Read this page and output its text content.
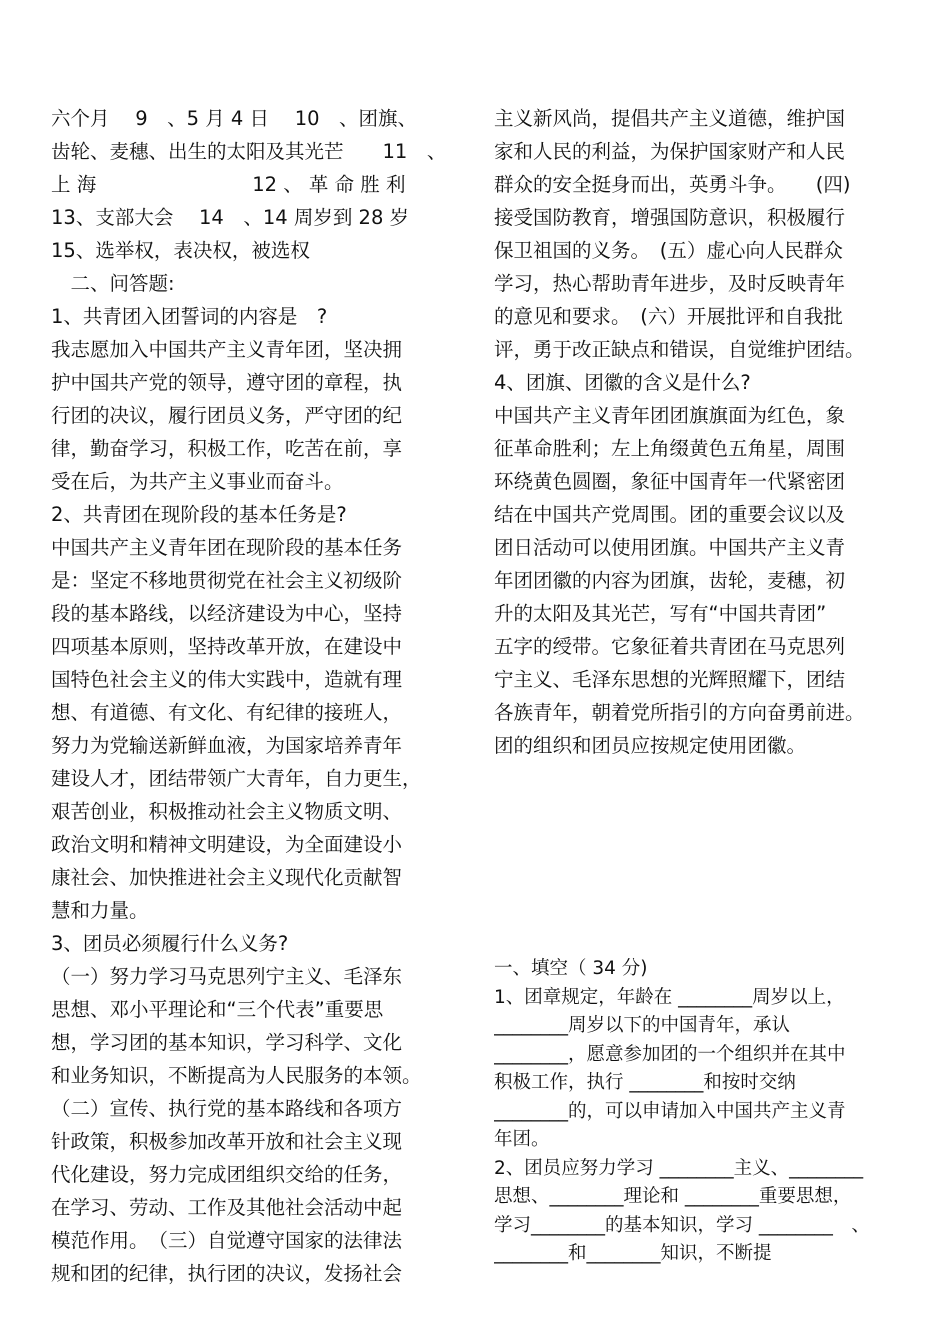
六个月　 9　、5 月 4 日　 10　、团旗、
齿轮、麦穗、出生的太阳及其光芒　　11　、
上 海　　　　　　　　12 、 革 命 胜 利
13、支部大会　 14　、14 周岁到 28 岁
15、选举权，表决权，被选权
　二、问答题:
1、共青团入团誓词的内容是　?
我志愿加入中国共产主义青年团，坚决拥
护中国共产党的领导，遵守团的章程，执
行团的决议，履行团员义务，严守团的纪
律，勤奋学习，积极工作，吃苦在前，享
受在后，为共产主义事业而奋斗。
2、共青团在现阶段的基本任务是?
中国共产主义青年团在现阶段的基本任务
是：坚定不移地贯彻党在社会主义初级阶
段的基本路线，以经济建设为中心，坚持
四项基本原则，坚持改革开放，在建设中
国特色社会主义的伟大实践中，造就有理
想、有道德、有文化、有纪律的接班人，
努力为党输送新鲜血液，为国家培养青年
建设人才，团结带领广大青年，自力更生，
艰苦创业，积极推动社会主义物质文明、
政治文明和精神文明建设，为全面建设小
康社会、加快推进社会主义现代化贡献智
慧和力量。
3、团员必须履行什么义务?
（一）努力学习马克思列宁主义、毛泽东
思想、邓小平理论和“三个代表”重要思
想，学习团的基本知识，学习科学、文化
和业务知识，不断提高为人民服务的本领。
（二）宣传、执行党的基本路线和各项方
针政策，积极参加改革开放和社会主义现
代化建设，努力完成团组织交给的任务，
在学习、劳动、工作及其他社会活动中起
模范作用。　（三）自觉遵守国家的法律法
规和团的纪律，执行团的决议，发扬社会
主义新风尚，提倡共产主义道德，维护国
家和人民的利益，为保护国家财产和人民
群众的安全挺身而出，英勇斗争。　　(四)
接受国防教育，增强国防意识，积极履行
保卫祖国的义务。　(五）虚心向人民群众
学习，热心帮助青年进步，及时反映青年
的意见和要求。　(六）开展批评和自我批
评，勇于改正缺点和错误，自觉维护团结。
4、团旗、团徽的含义是什么?
中国共产主义青年团团旗旗面为红色，象
征革命胜利；左上角缀黄色五角星，周围
环绕黄色圆圈，象征中国青年一代紧密团
结在中国共产党周围。团的重要会议以及
团日活动可以使用团旗。中国共产主义青
年团团徽的内容为团旗，齿轮，麦穗，初
升的太阳及其光芒，写有“中国共青团”
五字的绶带。它象征着共青团在马克思列
宁主义、毛泽东思想的光辉照耀下，团结
各族青年，朝着党所指引的方向奋勇前进。
团的组织和团员应按规定使用团徽。
一、填空（ 34 分)
1、团章规定，年龄在 ________周岁以上，
________周岁以下的中国青年，承认
________，愿意参加团的一个组织并在其中
积极工作，执行 ________和按时交纳
________的，可以申请加入中国共产主义青
年团。
2、团员应努力学习 ________主义、________
思想、________理论和 ________重要思想，
学习________的基本知识，学习 ________　、
________和________知识，不断提
